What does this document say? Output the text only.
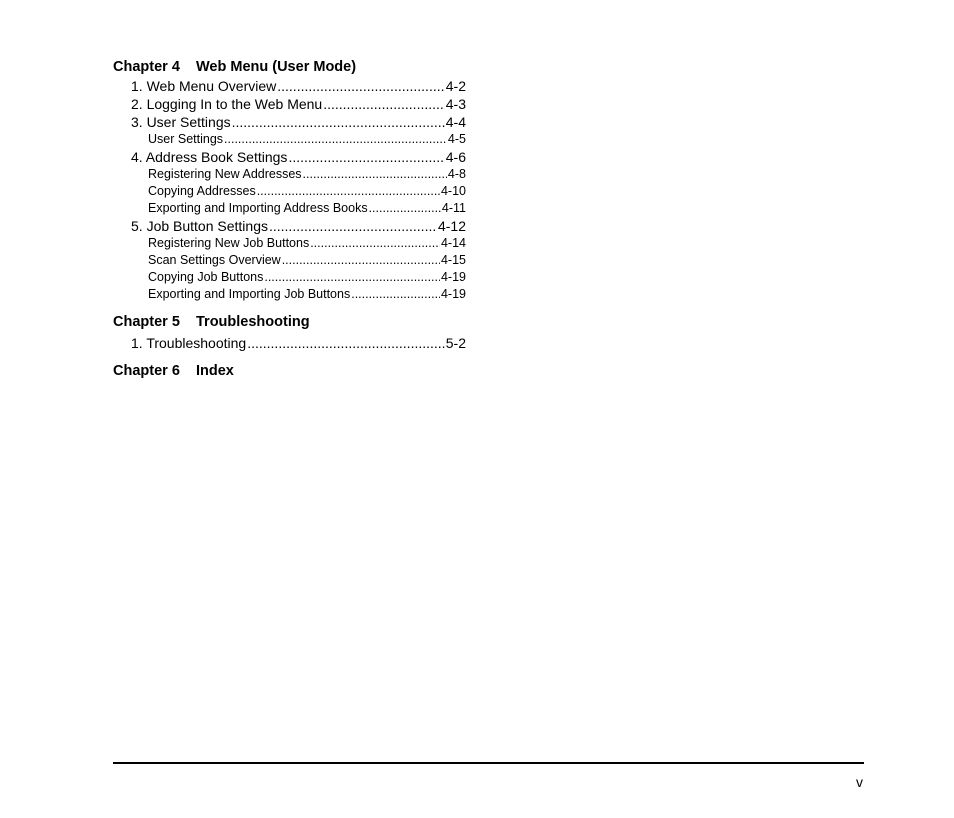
Chapter 4 Web Menu (User Mode)
1. Web Menu Overview .....	4-2
2. Logging In to the Web Menu .....	4-3
3. User Settings .....	4-4
User Settings .....	4-5
4. Address Book Settings .....	4-6
Registering New Addresses .....	4-8
Copying Addresses .....	4-10
Exporting and Importing Address Books .....	4-11
5. Job Button Settings .....	4-12
Registering New Job Buttons .....	4-14
Scan Settings Overview .....	4-15
Copying Job Buttons .....	4-19
Exporting and Importing Job Buttons .....	4-19
Chapter 5 Troubleshooting
1. Troubleshooting .....	5-2
Chapter 6 Index
v
